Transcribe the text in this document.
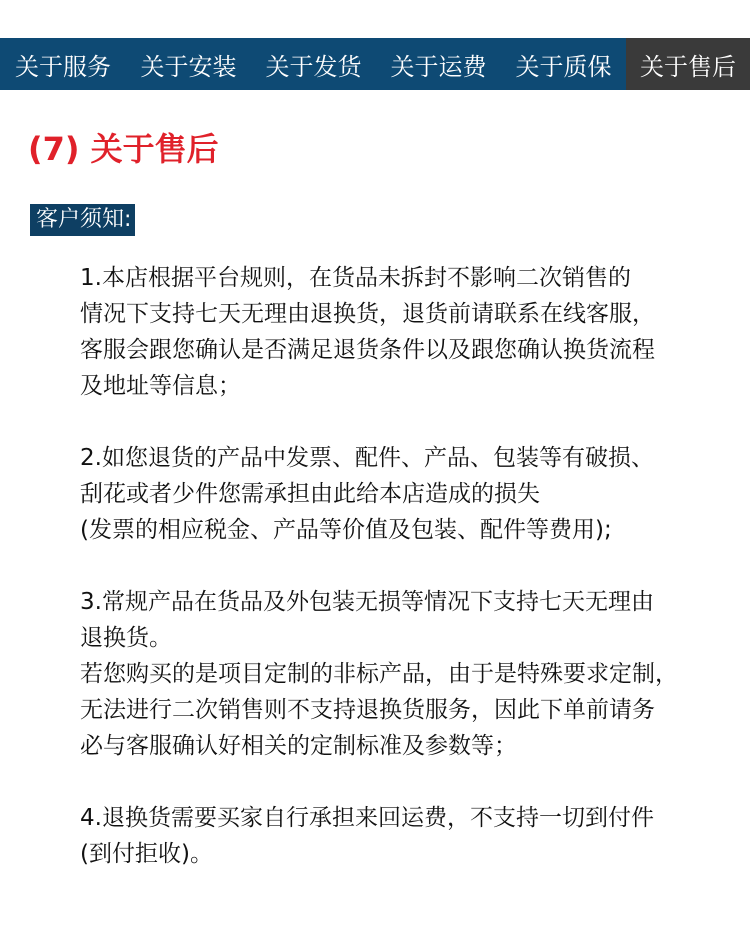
关于服务	关于安装	关于发货	关于运费	关于质保	关于售后
(7) 关于售后
客户须知:
1.本店根据平台规则，在货品未拆封不影响二次销售的
情况下支持七天无理由退换货，退货前请联系在线客服，
客服会跟您确认是否满足退货条件以及跟您确认换货流程
及地址等信息；
2.如您退货的产品中发票、配件、产品、包装等有破损、
刮花或者少件您需承担由此给本店造成的损失
(发票的相应税金、产品等价值及包装、配件等费用);
3.常规产品在货品及外包装无损等情况下支持七天无理由
退换货。
若您购买的是项目定制的非标产品，由于是特殊要求定制，
无法进行二次销售则不支持退换货服务，因此下单前请务
必与客服确认好相关的定制标准及参数等；
4.退换货需要买家自行承担来回运费，不支持一切到付件
(到付拒收)。
